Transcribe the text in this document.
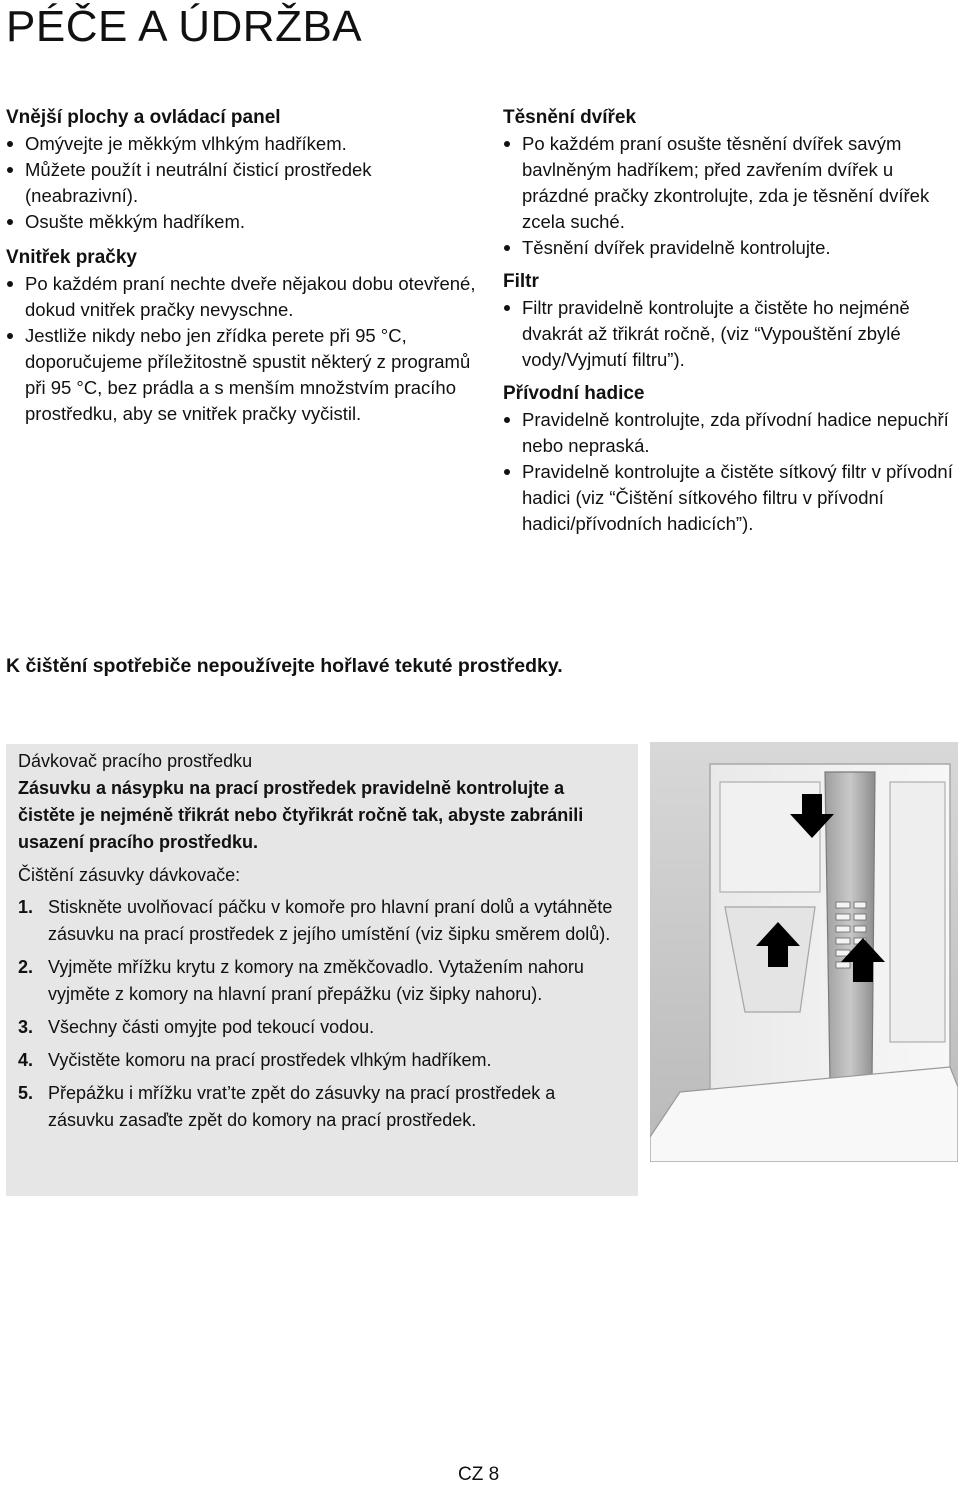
PÉČE A ÚDRŽBA
Vnější plochy a ovládací panel
Omývejte je měkkým vlhkým hadříkem.
Můžete použít i neutrální čisticí prostředek (neabrazivní).
Osušte měkkým hadříkem.
Vnitřek pračky
Po každém praní nechte dveře nějakou dobu otevřené, dokud vnitřek pračky nevyschne.
Jestliže nikdy nebo jen zřídka perete při 95 °C, doporučujeme příležitostně spustit některý z programů při 95 °C, bez prádla a s menším množstvím pracího prostředku, aby se vnitřek pračky vyčistil.
Těsnění dvířek
Po každém praní osušte těsnění dvířek savým bavlněným hadříkem; před zavřením dvířek u prázdné pračky zkontrolujte, zda je těsnění dvířek zcela suché.
Těsnění dvířek pravidelně kontrolujte.
Filtr
Filtr pravidelně kontrolujte a čistěte ho nejméně dvakrát až třikrát ročně, (viz “Vypouštění zbylé vody/Vyjmutí filtru”).
Přívodní hadice
Pravidelně kontrolujte, zda přívodní hadice nepuchří nebo nepraská.
Pravidelně kontrolujte a čistěte sítkový filtr v přívodní hadici (viz “Čištění sítkového filtru v přívodní hadici/přívodních hadicích”).
K čištění spotřebiče nepoužívejte hořlavé tekuté prostředky.
Dávkovač pracího prostředku
Zásuvku a násypku na prací prostředek pravidelně kontrolujte a čistěte je nejméně třikrát nebo čtyřikrát ročně tak, abyste zabránili usazení pracího prostředku.
Čištění zásuvky dávkovače:
1. Stiskněte uvolňovací páčku v komoře pro hlavní praní dolů a vytáhněte zásuvku na prací prostředek z jejího umístění (viz šipku směrem dolů).
2. Vyjměte mřížku krytu z komory na změkčovadlo. Vytažením nahoru vyjměte z komory na hlavní praní přepážku (viz šipky nahoru).
3. Všechny části omyjte pod tekoucí vodou.
4. Vyčistěte komoru na prací prostředek vlhkým hadříkem.
5. Přepážku i mřížku vrat’te zpět do zásuvky na prací prostředek a zásuvku zasaďte zpět do komory na prací prostředek.
CZ 8
